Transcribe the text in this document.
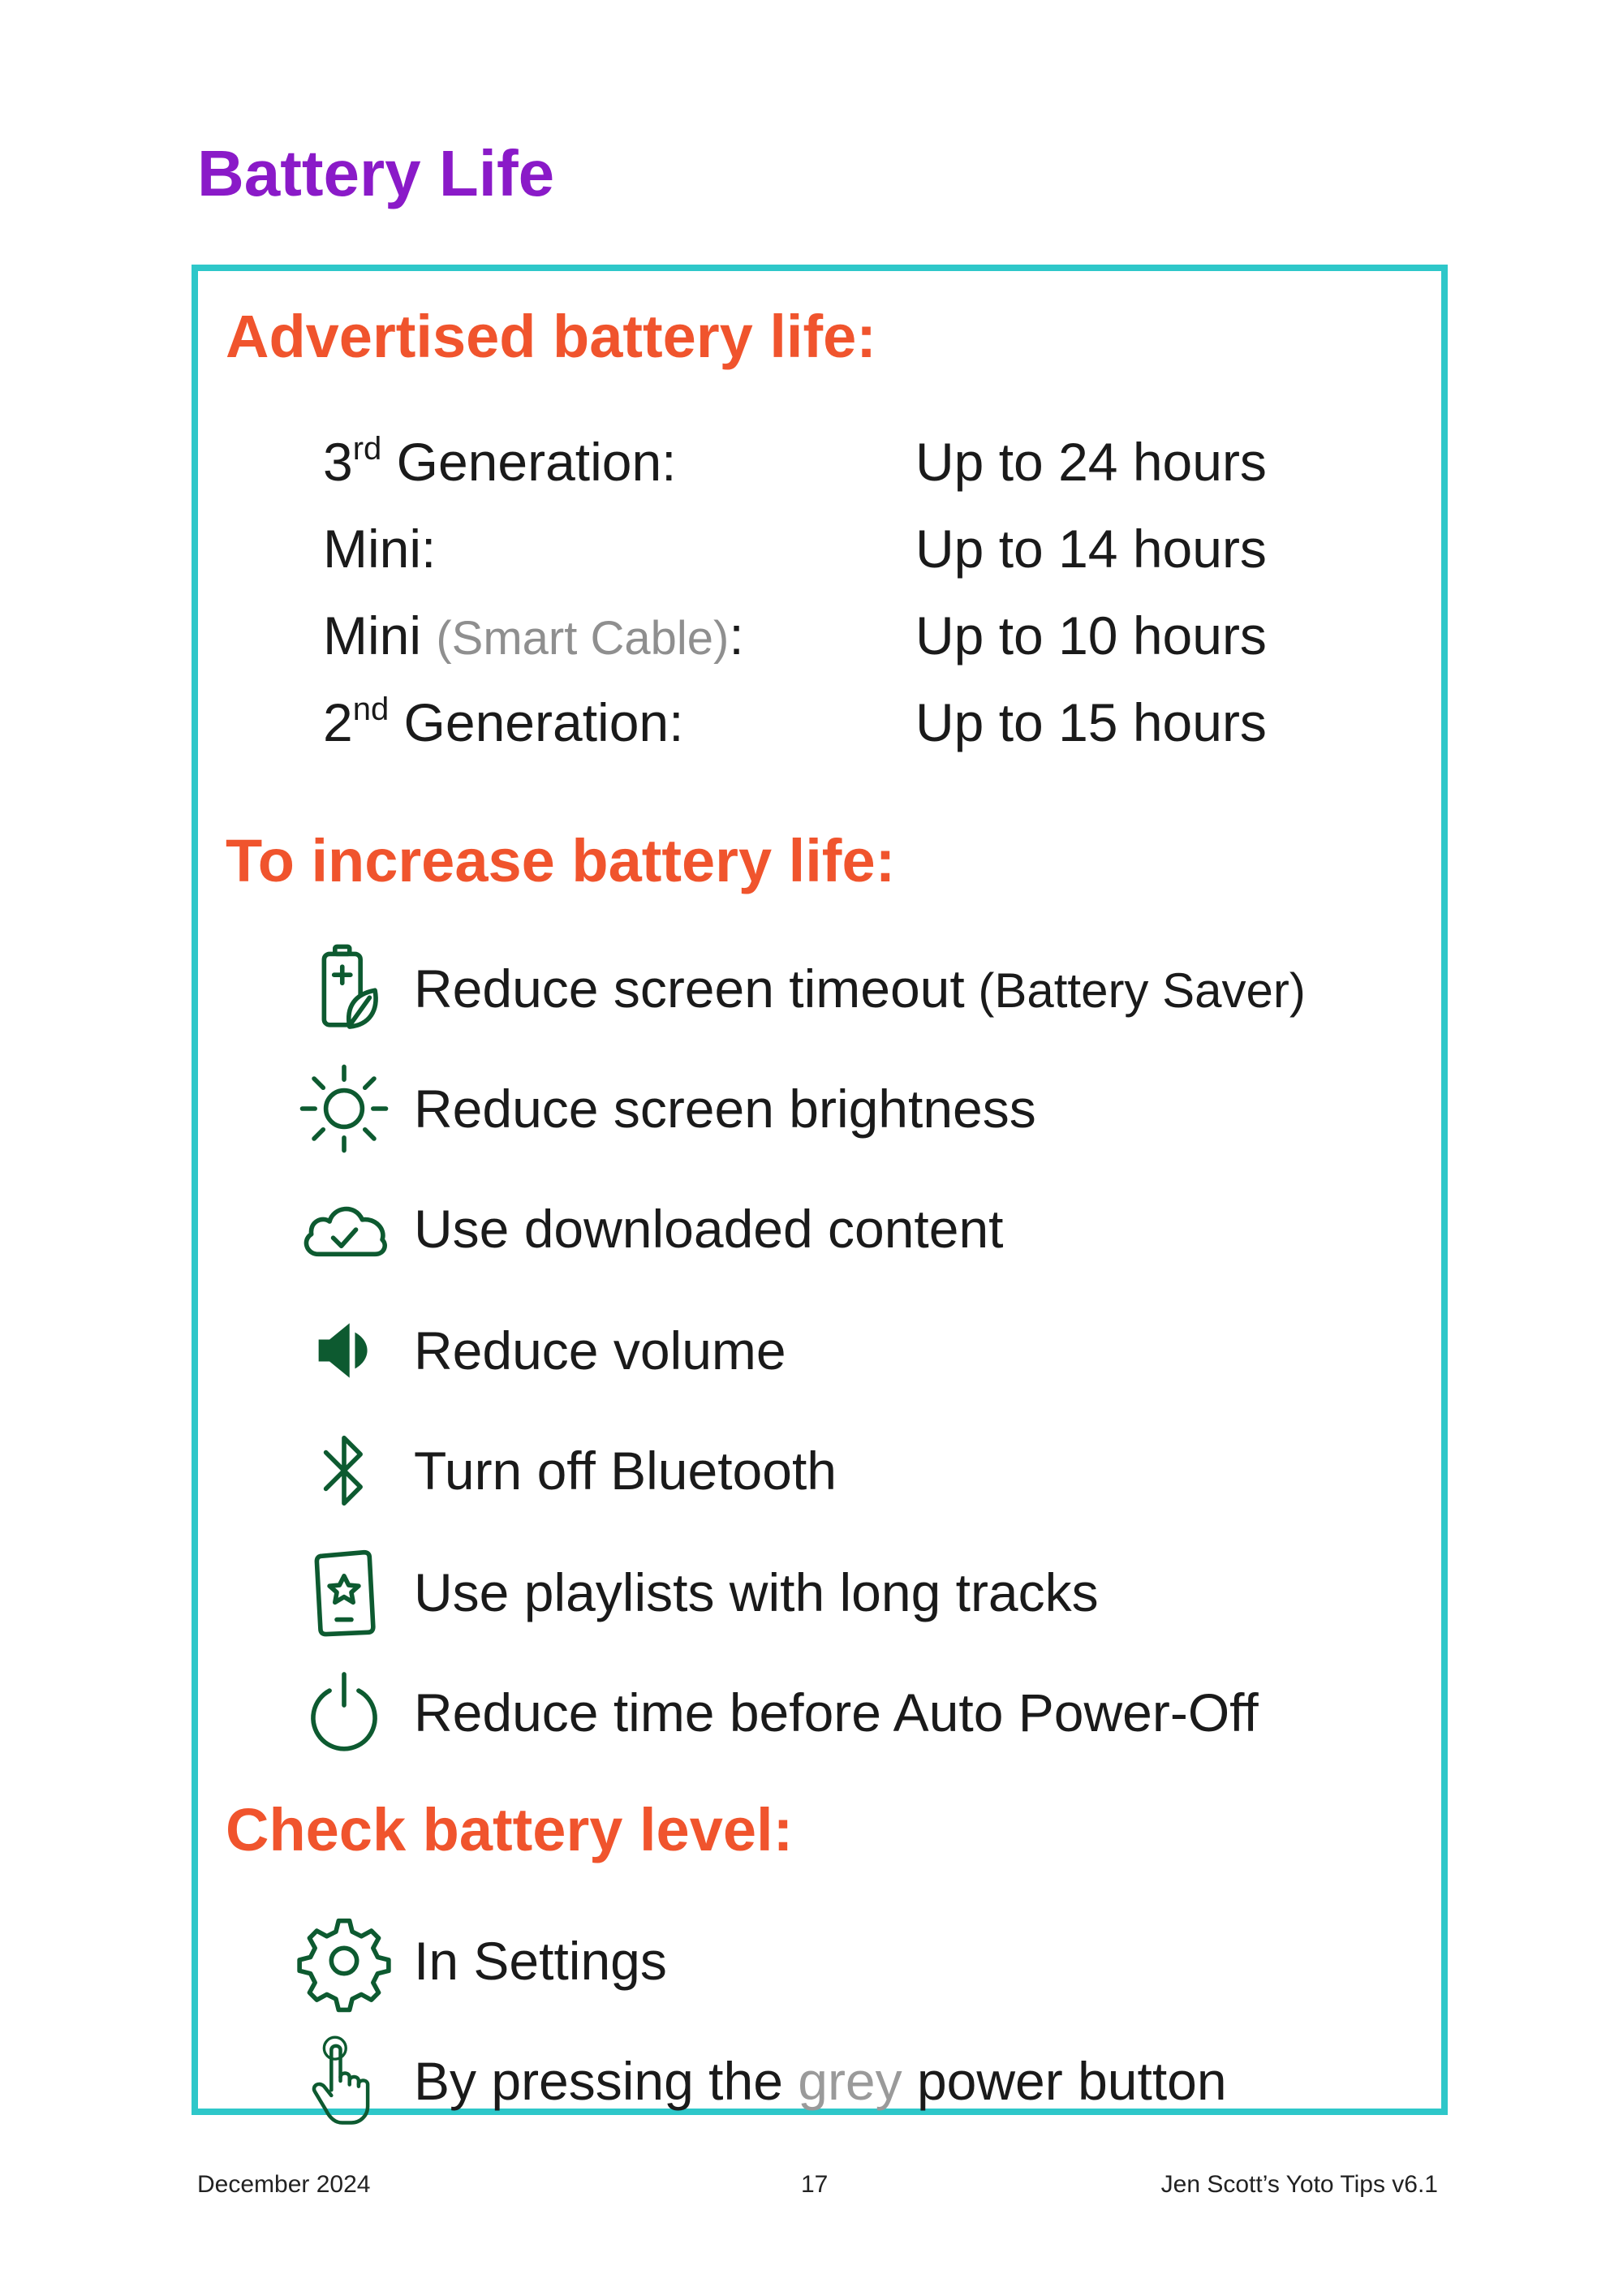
Battery Life
Advertised battery life:
3rd Generation:	Up to 24 hours
Mini:	Up to 14 hours
Mini (Smart Cable):	Up to 10 hours
2nd Generation:	Up to 15 hours
To increase battery life:
Reduce screen timeout (Battery Saver)
Reduce screen brightness
Use downloaded content
Reduce volume
Turn off Bluetooth
Use playlists with long tracks
Reduce time before Auto Power-Off
Check battery level:
In Settings
By pressing the grey power button
December 2024	17	Jen Scott’s Yoto Tips v6.1
